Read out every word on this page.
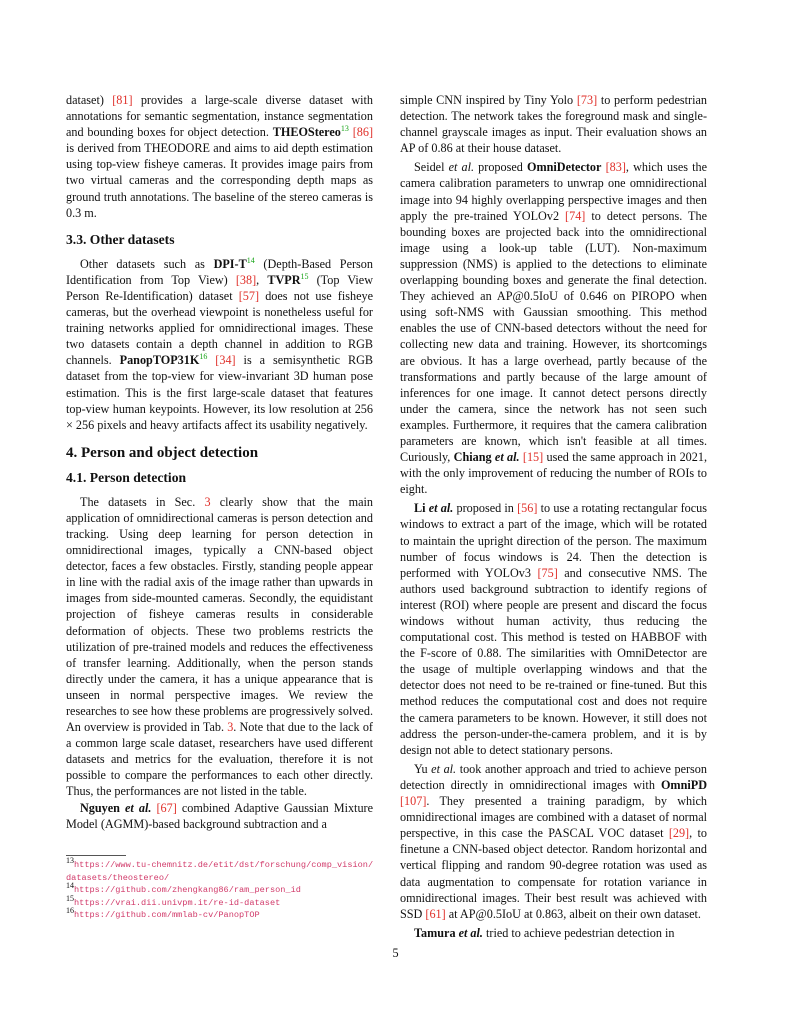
dataset) [81] provides a large-scale diverse dataset with annotations for semantic segmentation, instance segmentation and bounding boxes for object detection. THEOStereo$^{13}$ [86] is derived from THEODORE and aims to aid depth estimation using top-view fisheye cameras. It provides image pairs from two virtual cameras and the corresponding depth maps as ground truth annotations. The baseline of the stereo cameras is 0.3 m.

3.3. Other datasets

Other datasets such as DPI-T$^{14}$ (Depth-Based Person Identification from Top View) [38], TVPR$^{15}$ (Top View Person Re-Identification) dataset [57] does not use fisheye cameras, but the overhead viewpoint is nonetheless useful for training networks applied for omnidirectional images. These two datasets contain a depth channel in addition to RGB channels. PanopTOP31K$^{16}$ [34] is a semisynthetic RGB dataset from the top-view for view-invariant 3D human pose estimation. This is the first large-scale dataset that features top-view human keypoints. However, its low resolution at 256 × 256 pixels and heavy artifacts affect its usability negatively.

4. Person and object detection
4.1. Person detection

The datasets in Sec. 3 clearly show that the main application of omnidirectional cameras is person detection and tracking. Using deep learning for person detection in omnidirectional images, typically a CNN-based object detector, faces a few obstacles. Firstly, standing people appear in line with the radial axis of the image rather than upwards in images from side-mounted cameras. Secondly, the equidistant projection of fisheye cameras results in considerable deformation of objects. These two problems restricts the utilization of pre-trained models and reduces the effectiveness of transfer learning. Additionally, when the person stands directly under the camera, it has a unique appearance that is unseen in normal perspective images. We review the researches to see how these problems are progressively solved. An overview is provided in Tab. 3. Note that due to the lack of a common large scale dataset, researchers have used different datasets and metrics for the evaluation, therefore it is not possible to compare the performances to each other directly. Thus, the performances are not listed in the table.

Nguyen et al. [67] combined Adaptive Gaussian Mixture Model (AGMM)-based background subtraction and a

$^{13}$https://www.tu-chemnitz.de/etit/dst/forschung/comp_vision/datasets/theostereo/
$^{14}$https://github.com/zhengkang86/ram_person_id
$^{15}$https://vrai.dii.univpm.it/re-id-dataset
$^{16}$https://github.com/mmlab-cv/PanopTOP

simple CNN inspired by Tiny Yolo [73] to perform pedestrian detection. The network takes the foreground mask and single-channel grayscale images as input. Their evaluation shows an AP of 0.86 at their house dataset.

Seidel et al. proposed OmniDetector [83], which uses the camera calibration parameters to unwrap one omnidirectional image into 94 highly overlapping perspective images and then apply the pre-trained YOLOv2 [74] to detect persons. The bounding boxes are projected back into the omnidirectional image using a look-up table (LUT). Non-maximum suppression (NMS) is applied to the detections to eliminate overlapping bounding boxes and generate the final detection. They achieved an AP@0.5IoU of 0.646 on PIROPO when using soft-NMS with Gaussian smoothing. This method enables the use of CNN-based detectors without the need for collecting new data and training. However, its shortcomings are obvious. It has a large overhead, partly because of the transformations and partly because of the large amount of inferences for one image. It cannot detect persons directly under the camera, since the network has not seen such examples. Furthermore, it requires that the camera calibration parameters are known, which isn't feasible at all times. Curiously, Chiang et al. [15] used the same approach in 2021, with the only improvement of reducing the number of ROIs to eight.

Li et al. proposed in [56] to use a rotating rectangular focus windows to extract a part of the image, which will be rotated to maintain the upright direction of the person. The maximum number of focus windows is 24. Then the detection is performed with YOLOv3 [75] and consecutive NMS. The authors used background subtraction to identify regions of interest (ROI) where people are present and discard the focus windows without human activity, thus reducing the computational cost. This method is tested on HABBOF with the F-score of 0.88. The similarities with OmniDetector are the usage of multiple overlapping windows and that the detector does not need to be re-trained or fine-tuned. But this method reduces the computational cost and does not require the camera parameters to be known. However, it still does not address the person-under-the-camera problem, and it is by design not able to detect stationary persons.

Yu et al. took another approach and tried to achieve person detection directly in omnidirectional images with OmniPD [107]. They presented a training paradigm, by which omnidirectional images are combined with a dataset of normal perspective, in this case the PASCAL VOC dataset [29], to finetune a CNN-based object detector. Random horizontal and vertical flipping and random 90-degree rotation was used as data augmentation to compensate for rotation variance in omnidirectional images. Their best result was achieved with SSD [61] at AP@0.5IoU at 0.863, albeit on their own dataset.

Tamura et al. tried to achieve pedestrian detection in

5
